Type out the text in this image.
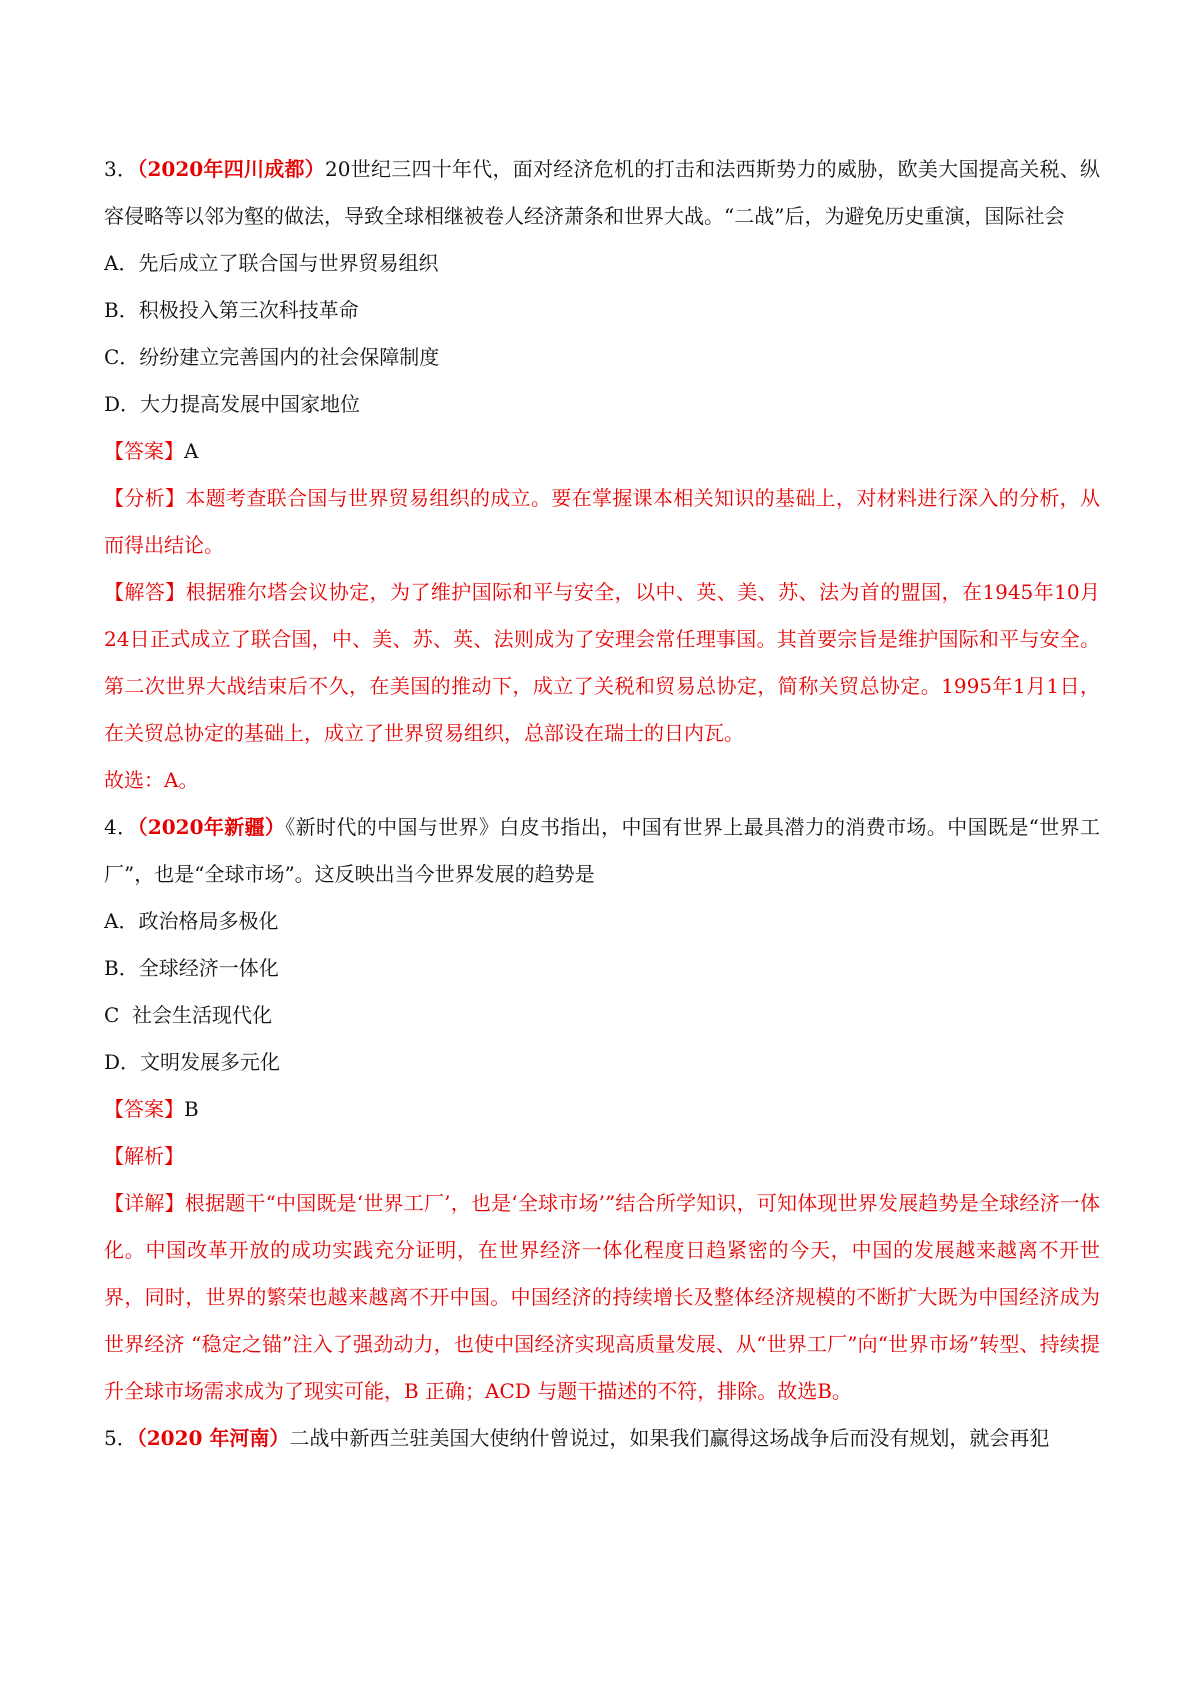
3．（2020年四川成都）20世纪三四十年代，面对经济危机的打击和法西斯势力的威胁，欧美大国提高关税、纵容侵略等以邻为壑的做法，导致全球相继被卷人经济萧条和世界大战。“二战”后，为避免历史重演，国际社会

A．先后成立了联合国与世界贸易组织

B．积极投入第三次科技革命

C．纷纷建立完善国内的社会保障制度

D．大力提高发展中国家地位

【答案】A

【分析】本题考查联合国与世界贸易组织的成立。要在掌握课本相关知识的基础上，对材料进行深入的分析，从而得出结论。

【解答】根据雅尔塔会议协定，为了维护国际和平与安全，以中、英、美、苏、法为首的盟国，在1945年10月24日正式成立了联合国，中、美、苏、英、法则成为了安理会常任理事国。其首要宗旨是维护国际和平与安全。第二次世界大战结束后不久，在美国的推动下，成立了关税和贸易总协定，简称关贸总协定。1995年1月1日，在关贸总协定的基础上，成立了世界贸易组织，总部设在瑞士的日内瓦。

故选：A。

4．（2020年新疆）《新时代的中国与世界》白皮书指出，中国有世界上最具潜力的消费市场。中国既是“世界工厂”，也是“全球市场”。这反映出当今世界发展的趋势是

A．政治格局多极化

B．全球经济一体化

C  社会生活现代化

D．文明发展多元化

【答案】B

【解析】

【详解】根据题干“中国既是‘世界工厂’，也是‘全球市场’”结合所学知识，可知体现世界发展趋势是全球经济一体化。中国改革开放的成功实践充分证明，在世界经济一体化程度日趋紧密的今天，中国的发展越来越离不开世界，同时，世界的繁荣也越来越离不开中国。中国经济的持续增长及整体经济规模的不断扩大既为中国经济成为世界经济 “稳定之锚”注入了强劲动力，也使中国经济实现高质量发展、从“世界工厂”向“世界市场”转型、持续提升全球市场需求成为了现实可能，B 正确；ACD 与题干描述的不符，排除。故选B。

5．（2020 年河南）二战中新西兰驻美国大使纳什曾说过，如果我们赢得这场战争后而没有规划，就会再犯
